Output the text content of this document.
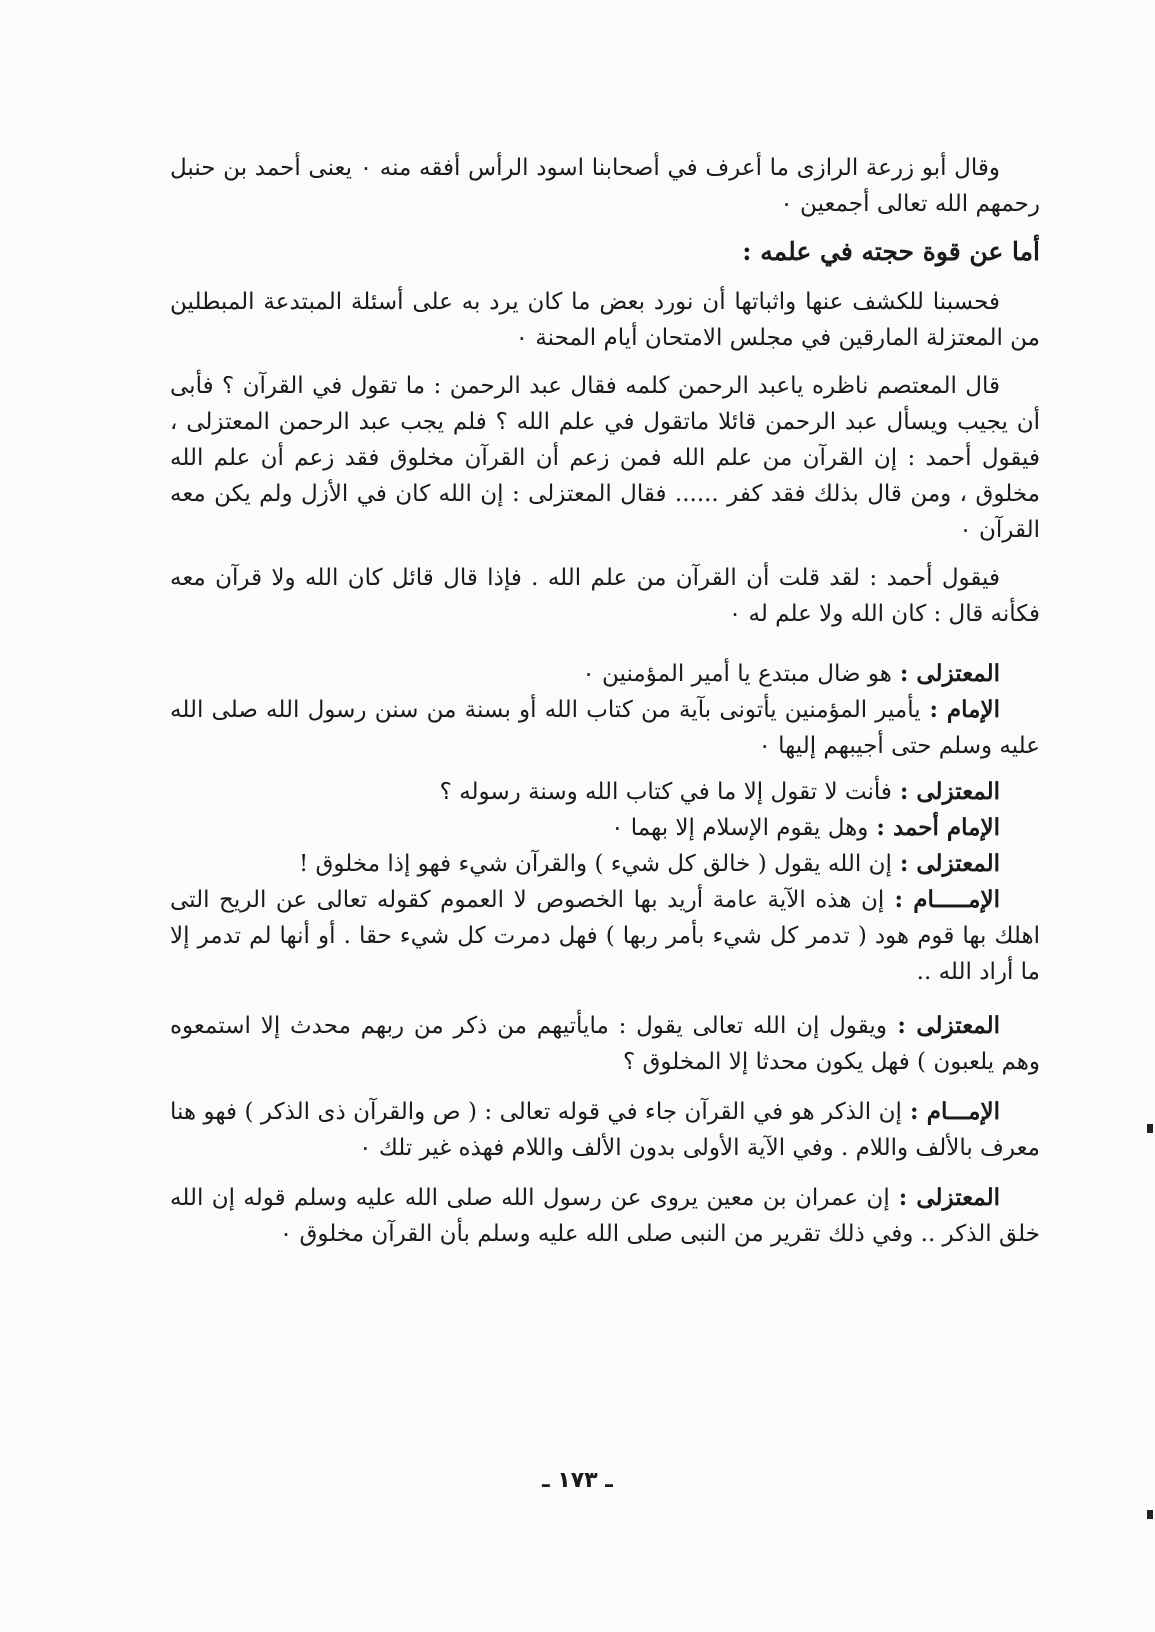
وقال أبو زرعة الرازى ما أعرف في أصحابنا اسود الرأس أفقه منه ٠ يعنى أحمد بن حنبل رحمهم الله تعالى أجمعين ٠

أما عن قوة حجته في علمه :

فحسبنا للكشف عنها واثباتها أن نورد بعض ما كان يرد به على أسئلة المبتدعة المبطلين من المعتزلة المارقين في مجلس الامتحان أيام المحنة ٠

قال المعتصم ناظره ياعبد الرحمن كلمه فقال عبد الرحمن : ما تقول في القرآن ؟ فأبى أن يجيب ويسأل عبد الرحمن قائلا ماتقول في علم الله ؟ فلم يجب عبد الرحمن المعتزلى ، فيقول أحمد : إن القرآن من علم الله فمن زعم أن القرآن مخلوق فقد زعم أن علم الله مخلوق ، ومن قال بذلك فقد كفر ...... فقال المعتزلى : إن الله كان في الأزل ولم يكن معه القرآن ٠

فيقول أحمد : لقد قلت أن القرآن من علم الله . فإذا قال قائل كان الله ولا قرآن معه فكأنه قال : كان الله ولا علم له ٠

المعتزلى : هو ضال مبتدع يا أمير المؤمنين ٠

الإمام : يأمير المؤمنين يأتونى بآية من كتاب الله أو بسنة من سنن رسول الله صلى الله عليه وسلم حتى أجيبهم إليها ٠

المعتزلى : فأنت لا تقول إلا ما في كتاب الله وسنة رسوله ؟

الإمام أحمد : وهل يقوم الإسلام إلا بهما ٠

المعتزلى : إن الله يقول ( خالق كل شيء ) والقرآن شيء فهو إذا مخلوق !

الإمـــــام : إن هذه الآية عامة أريد بها الخصوص لا العموم كقوله تعالى عن الريح التى اهلك بها قوم هود ( تدمر كل شيء بأمر ربها ) فهل دمرت كل شيء حقا . أو أنها لم تدمر إلا ما أراد الله ..

المعتزلى : ويقول إن الله تعالى يقول : مايأتيهم من ذكر من ربهم محدث إلا استمعوه وهم يلعبون ) فهل يكون محدثا إلا المخلوق ؟

الإمـــام : إن الذكر هو في القرآن جاء في قوله تعالى : ( ص والقرآن ذى الذكر ) فهو هنا معرف بالألف واللام . وفي الآية الأولى بدون الألف واللام فهذه غير تلك ٠

المعتزلى : إن عمران بن معين يروى عن رسول الله صلى الله عليه وسلم قوله إن الله خلق الذكر .. وفي ذلك تقرير من النبى صلى الله عليه وسلم بأن القرآن مخلوق ٠

ـ ١٧٣ ـ
